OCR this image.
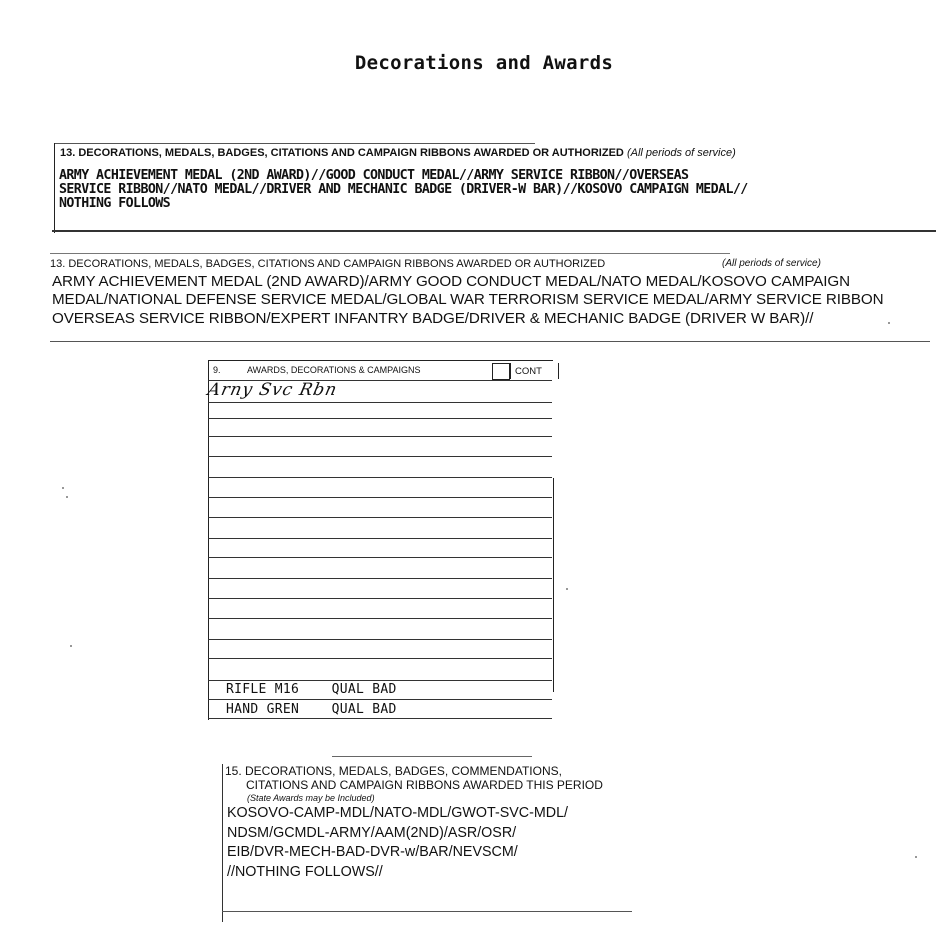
Decorations and Awards
13. DECORATIONS, MEDALS, BADGES, CITATIONS AND CAMPAIGN RIBBONS AWARDED OR AUTHORIZED (All periods of service)
ARMY ACHIEVEMENT MEDAL (2ND AWARD)//GOOD CONDUCT MEDAL//ARMY SERVICE RIBBON//OVERSEAS
SERVICE RIBBON//NATO MEDAL//DRIVER AND MECHANIC BADGE (DRIVER-W BAR)//KOSOVO CAMPAIGN MEDAL//
NOTHING FOLLOWS
13. DECORATIONS, MEDALS, BADGES, CITATIONS AND CAMPAIGN RIBBONS AWARDED OR AUTHORIZED	(All periods of service)
ARMY ACHIEVEMENT MEDAL (2ND AWARD)/ARMY GOOD CONDUCT MEDAL/NATO MEDAL/KOSOVO CAMPAIGN
MEDAL/NATIONAL DEFENSE SERVICE MEDAL/GLOBAL WAR TERRORISM SERVICE MEDAL/ARMY SERVICE RIBBON
OVERSEAS SERVICE RIBBON/EXPERT INFANTRY BADGE/DRIVER & MECHANIC BADGE (DRIVER W BAR)//
9.	AWARDS, DECORATIONS & CAMPAIGNS	CONT
Arny Svc Rbn
RIFLE M16    QUAL BAD
HAND GREN    QUAL BAD
15. DECORATIONS, MEDALS, BADGES, COMMENDATIONS,
CITATIONS AND CAMPAIGN RIBBONS AWARDED THIS PERIOD
(State Awards may be Included)
KOSOVO-CAMP-MDL/NATO-MDL/GWOT-SVC-MDL/
NDSM/GCMDL-ARMY/AAM(2ND)/ASR/OSR/
EIB/DVR-MECH-BAD-DVR-w/BAR/NEVSCM/
//NOTHING FOLLOWS//
